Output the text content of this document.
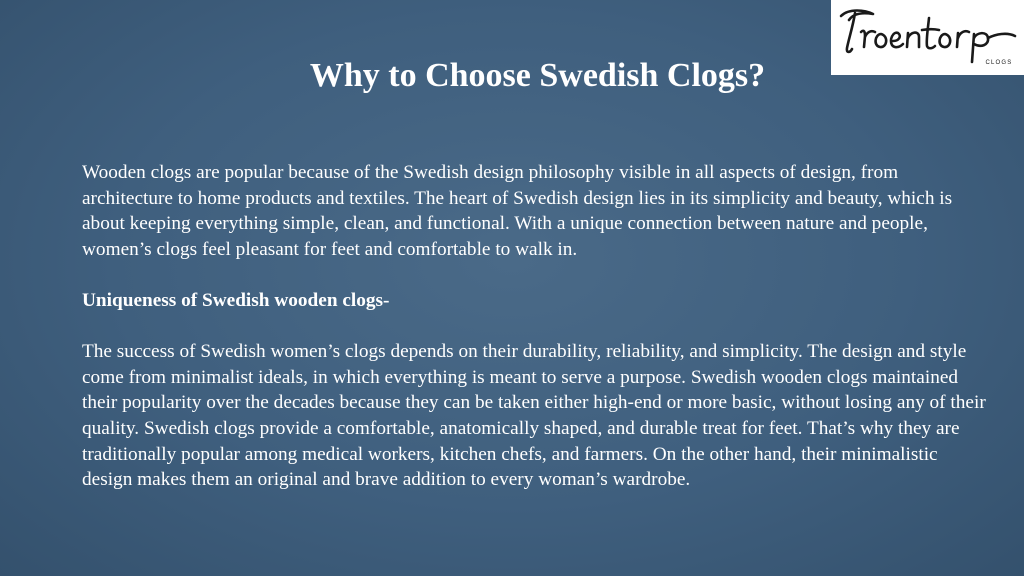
CLOGS
Why to Choose Swedish Clogs?

Wooden clogs are popular because of the Swedish design philosophy visible in all aspects of design, from architecture to home products and textiles. The heart of Swedish design lies in its simplicity and beauty, which is about keeping everything simple, clean, and functional. With a unique connection between nature and people, women’s clogs feel pleasant for feet and comfortable to walk in.

Uniqueness of Swedish wooden clogs-

The success of Swedish women’s clogs depends on their durability, reliability, and simplicity. The design and style come from minimalist ideals, in which everything is meant to serve a purpose. Swedish wooden clogs maintained their popularity over the decades because they can be taken either high-end or more basic, without losing any of their quality. Swedish clogs provide a comfortable, anatomically shaped, and durable treat for feet. That’s why they are traditionally popular among medical workers, kitchen chefs, and farmers. On the other hand, their minimalistic design makes them an original and brave addition to every woman’s wardrobe.
